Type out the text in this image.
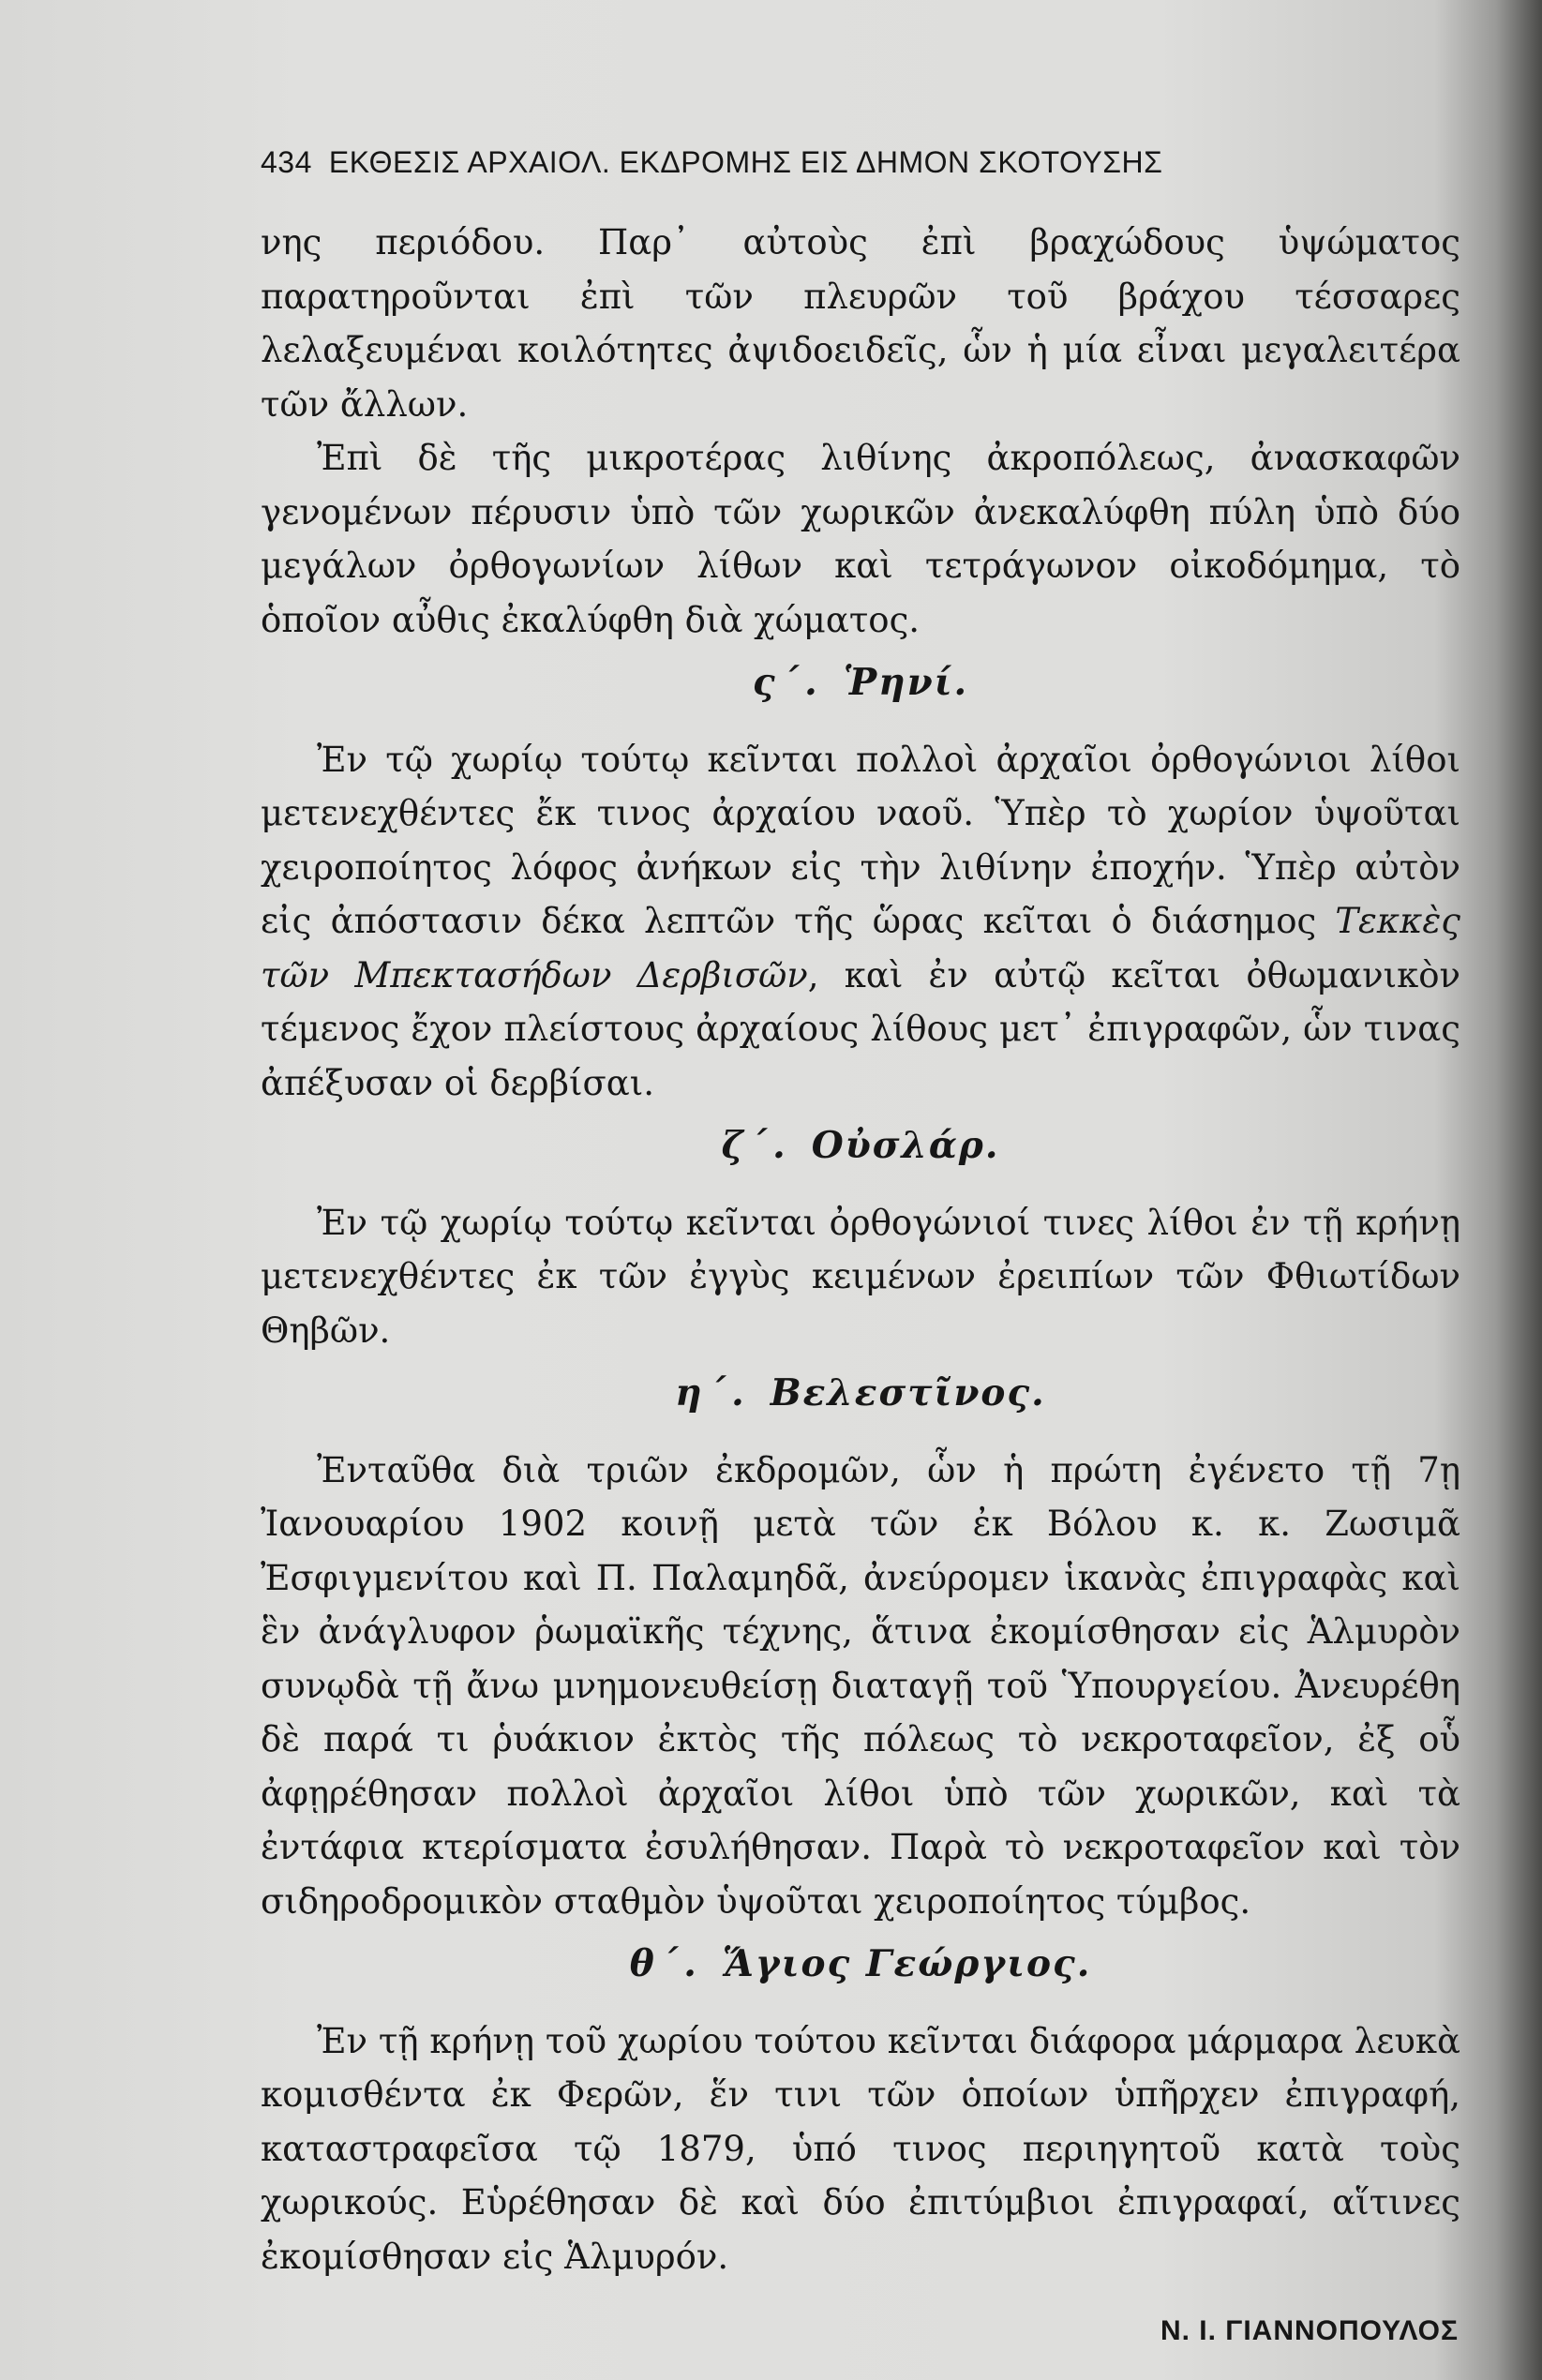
434 ΕΚΘΕΣΙΣ ΑΡΧΑΙΟΛ. ΕΚΔΡΟΜΗΣ ΕΙΣ ΔΗΜΟΝ ΣΚΟΤΟΥΣΗΣ

νης περιόδου. Παρ᾽ αὐτοὺς ἐπὶ βραχώδους ὑψώματος παρατηροῦνται ἐπὶ τῶν πλευρῶν τοῦ βράχου τέσσαρες λελαξευμέναι κοιλότητες ἀψιδοειδεῖς, ὧν ἡ μία εἶναι μεγαλειτέρα τῶν ἄλλων.

Ἐπὶ δὲ τῆς μικροτέρας λιθίνης ἀκροπόλεως, ἀνασκαφῶν γενομένων πέρυσιν ὑπὸ τῶν χωρικῶν ἀνεκαλύφθη πύλη ὑπὸ δύο μεγάλων ὀρθογωνίων λίθων καὶ τετράγωνον οἰκοδόμημα, τὸ ὁποῖον αὖθις ἐκαλύφθη διὰ χώματος.

ς΄. Ῥηνί.

Ἐν τῷ χωρίῳ τούτῳ κεῖνται πολλοὶ ἀρχαῖοι ὀρθογώνιοι λίθοι μετενεχθέντες ἔκ τινος ἀρχαίου ναοῦ. Ὑπὲρ τὸ χωρίον ὑψοῦται χειροποίητος λόφος ἀνήκων εἰς τὴν λιθίνην ἐποχήν. Ὑπὲρ αὐτὸν εἰς ἀπόστασιν δέκα λεπτῶν τῆς ὥρας κεῖται ὁ διάσημος Τεκκὲς τῶν Μπεκτασήδων Δερβισῶν, καὶ ἐν αὐτῷ κεῖται ὀθωμανικὸν τέμενος ἔχον πλείστους ἀρχαίους λίθους μετ᾽ ἐπιγραφῶν, ὧν τινας ἀπέξυσαν οἱ δερβίσαι.

ζ΄. Οὐσλάρ.

Ἐν τῷ χωρίῳ τούτῳ κεῖνται ὀρθογώνιοί τινες λίθοι ἐν τῇ κρήνῃ μετενεχθέντες ἐκ τῶν ἐγγὺς κειμένων ἐρειπίων τῶν Φθιωτίδων Θηβῶν.

η΄. Βελεστῖνος.

Ἐνταῦθα διὰ τριῶν ἐκδρομῶν, ὧν ἡ πρώτη ἐγένετο τῇ 7ῃ Ἰανουαρίου 1902 κοινῇ μετὰ τῶν ἐκ Βόλου κ. κ. Ζωσιμᾶ Ἐσφιγμενίτου καὶ Π. Παλαμηδᾶ, ἀνεύρομεν ἱκανὰς ἐπιγραφὰς καὶ ἓν ἀνάγλυφον ῥωμαϊκῆς τέχνης, ἅτινα ἐκομίσθησαν εἰς Ἁλμυρὸν συνῳδὰ τῇ ἄνω μνημονευθείσῃ διαταγῇ τοῦ Ὑπουργείου. Ἀνευρέθη δὲ παρά τι ῥυάκιον ἐκτὸς τῆς πόλεως τὸ νεκροταφεῖον, ἐξ οὗ ἀφῃρέθησαν πολλοὶ ἀρχαῖοι λίθοι ὑπὸ τῶν χωρικῶν, καὶ τὰ ἐντάφια κτερίσματα ἐσυλήθησαν. Παρὰ τὸ νεκροταφεῖον καὶ τὸν σιδηροδρομικὸν σταθμὸν ὑψοῦται χειροποίητος τύμβος.

θ΄. Ἅγιος Γεώργιος.

Ἐν τῇ κρήνῃ τοῦ χωρίου τούτου κεῖνται διάφορα μάρμαρα λευκὰ κομισθέντα ἐκ Φερῶν, ἕν τινι τῶν ὁποίων ὑπῆρχεν ἐπιγραφή, καταστραφεῖσα τῷ 1879, ὑπό τινος περιηγητοῦ κατὰ τοὺς χωρικούς. Εὑρέθησαν δὲ καὶ δύο ἐπιτύμβιοι ἐπιγραφαί, αἵτινες ἐκομίσθησαν εἰς Ἁλμυρόν.

Ν. Ι. ΓΙΑΝΝΟΠΟΥΛΟΣ
